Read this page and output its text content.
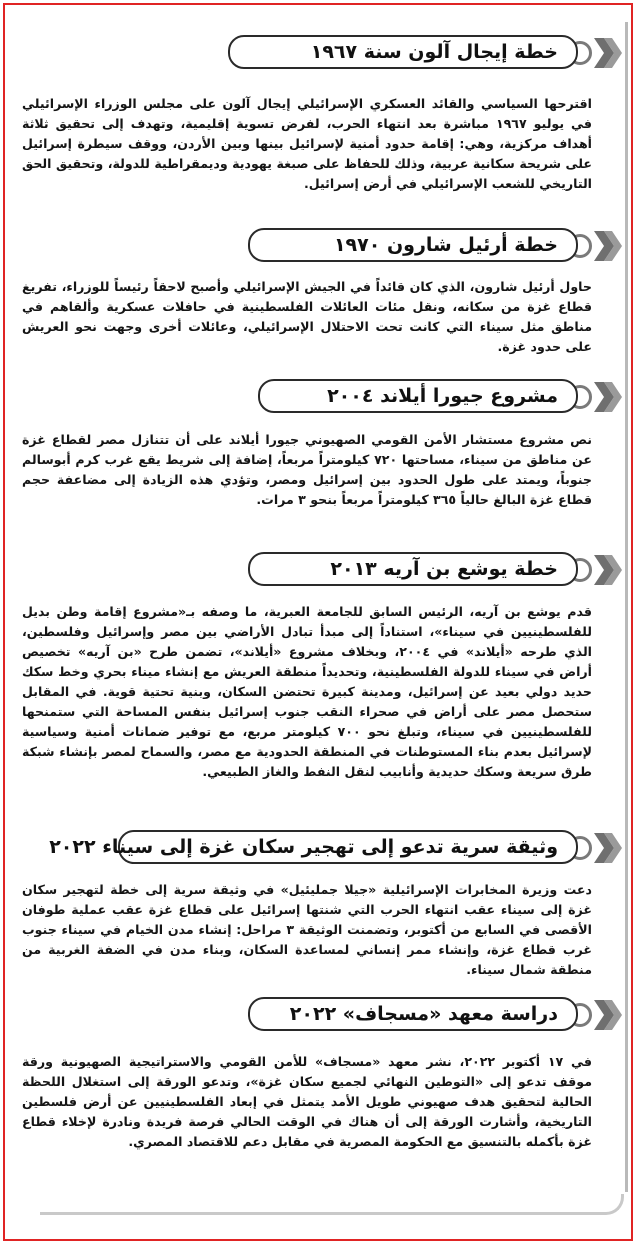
خطة إيجال آلون سنة ١٩٦٧
اقترحها السياسي والقائد العسكري الإسرائيلي إيجال آلون على مجلس الوزراء الإسرائيلي في يوليو ١٩٦٧ مباشرة بعد انتهاء الحرب، لفرض تسوية إقليمية، وتهدف إلى تحقيق ثلاثة أهداف مركزية، وهي: إقامة حدود أمنية لإسرائيل بينها وبين الأردن، ووقف سيطرة إسرائيل على شريحة سكانية عربية، وذلك للحفاظ على صبغة يهودية وديمقراطية للدولة، وتحقيق الحق التاريخي للشعب الإسرائيلي في أرض إسرائيل.
خطة أرئيل شارون ١٩٧٠
حاول أرئيل شارون، الذي كان قائداً في الجيش الإسرائيلي وأصبح لاحقاً رئيساً للوزراء، تفريغ قطاع غزة من سكانه، ونقل مئات العائلات الفلسطينية في حافلات عسكرية وألقاهم في مناطق مثل سيناء التي كانت تحت الاحتلال الإسرائيلي، وعائلات أخرى وجهت نحو العريش على حدود غزة.
مشروع جيورا أيلاند ٢٠٠٤
نص مشروع مستشار الأمن القومي الصهيوني جيورا أيلاند على أن تتنازل مصر لقطاع غزة عن مناطق من سيناء، مساحتها ٧٢٠ كيلومتراً مربعاً، إضافة إلى شريط يقع غرب كرم أبوسالم جنوباً، ويمتد على طول الحدود بين إسرائيل ومصر، وتؤدي هذه الزيادة إلى مضاعفة حجم قطاع غزة البالغ حالياً ٣٦٥ كيلومتراً مربعاً بنحو ٣ مرات.
خطة يوشع بن آريه ٢٠١٣
قدم يوشع بن آريه، الرئيس السابق للجامعة العبرية، ما وصفه بـ«مشروع إقامة وطن بديل للفلسطينيين في سيناء»، استناداً إلى مبدأ تبادل الأراضي بين مصر وإسرائيل وفلسطين، الذي طرحه «أيلاند» في ٢٠٠٤، وبخلاف مشروع «أيلاند»، تضمن طرح «بن آريه» تخصيص أراض في سيناء للدولة الفلسطينية، وتحديداً منطقة العريش مع إنشاء ميناء بحري وخط سكك حديد دولي بعيد عن إسرائيل، ومدينة كبيرة تحتضن السكان، وبنية تحتية قوية. في المقابل ستحصل مصر على أراض في صحراء النقب جنوب إسرائيل بنفس المساحة التي ستمنحها للفلسطينيين في سيناء، وتبلغ نحو ٧٠٠ كيلومتر مربع، مع توفير ضمانات أمنية وسياسية لإسرائيل بعدم بناء المستوطنات في المنطقة الحدودية مع مصر، والسماح لمصر بإنشاء شبكة طرق سريعة وسكك حديدية وأنابيب لنقل النفط والغاز الطبيعي.
وثيقة سرية تدعو إلى تهجير سكان غزة إلى سيناء ٢٠٢٢
دعت وزيرة المخابرات الإسرائيلية «جيلا جمليئيل» في وثيقة سرية إلى خطة لتهجير سكان غزة إلى سيناء عقب انتهاء الحرب التي شنتها إسرائيل على قطاع غزة عقب عملية طوفان الأقصى في السابع من أكتوبر، وتضمنت الوثيقة ٣ مراحل: إنشاء مدن الخيام في سيناء جنوب غرب قطاع غزة، وإنشاء ممر إنساني لمساعدة السكان، وبناء مدن في الضفة الغربية من منطقة شمال سيناء.
دراسة معهد «مسجاف» ٢٠٢٢
في ١٧ أكتوبر ٢٠٢٢، نشر معهد «مسجاف» للأمن القومي والاستراتيجية الصهيونية ورقة موقف تدعو إلى «التوطين النهائي لجميع سكان غزة»، وتدعو الورقة إلى استغلال اللحظة الحالية لتحقيق هدف صهيوني طويل الأمد يتمثل في إبعاد الفلسطينيين عن أرض فلسطين التاريخية، وأشارت الورقة إلى أن هناك في الوقت الحالي فرصة فريدة ونادرة لإخلاء قطاع غزة بأكمله بالتنسيق مع الحكومة المصرية في مقابل دعم للاقتصاد المصري.
